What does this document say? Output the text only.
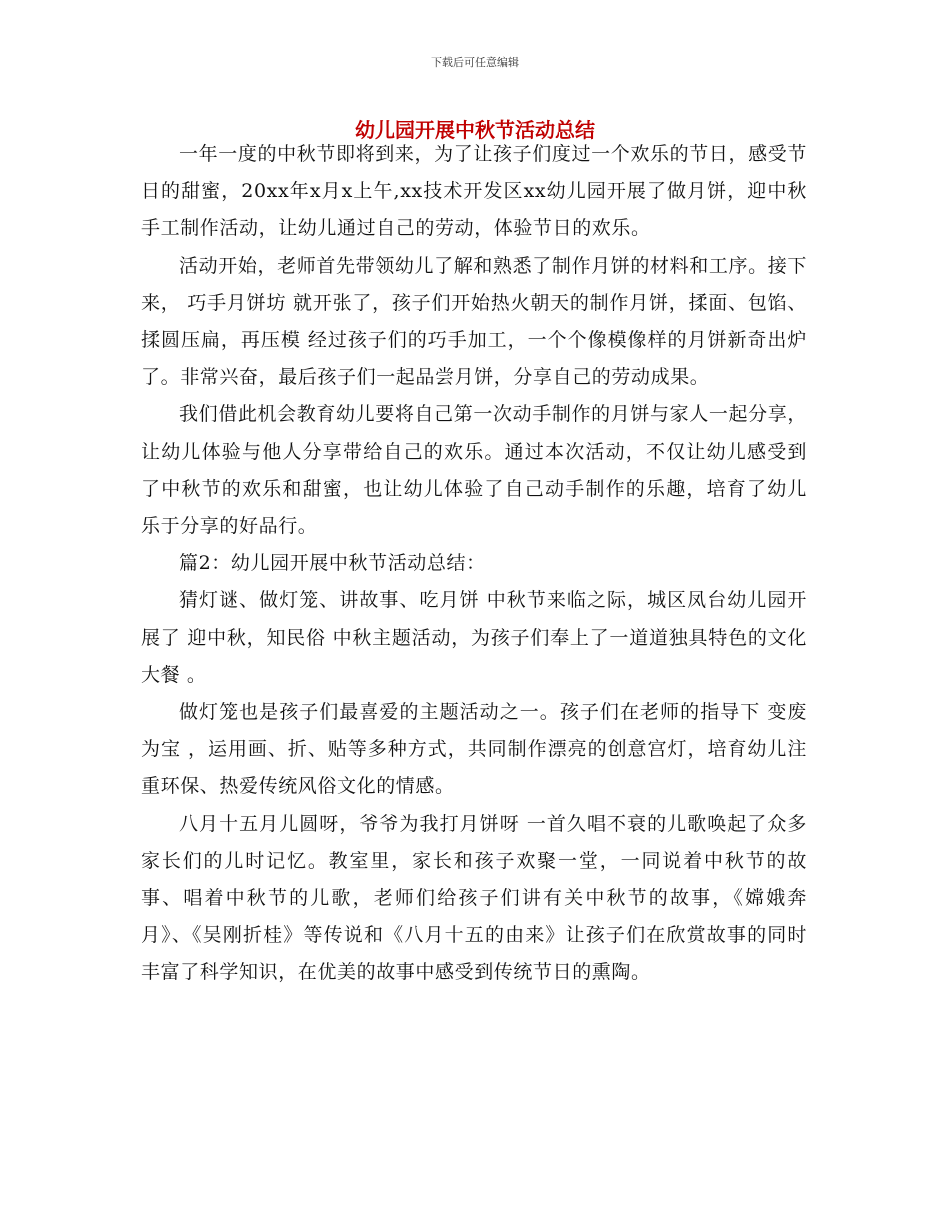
下载后可任意编辑
幼儿园开展中秋节活动总结

一年一度的中秋节即将到来，为了让孩子们度过一个欢乐的节日，感受节日的甜蜜，20xx年x月x上午,xx技术开发区xx幼儿园开展了做月饼，迎中秋 手工制作活动，让幼儿通过自己的劳动，体验节日的欢乐。

活动开始，老师首先带领幼儿了解和熟悉了制作月饼的材料和工序。接下来， 巧手月饼坊 就开张了，孩子们开始热火朝天的制作月饼，揉面、包馅、揉圆压扁，再压模 经过孩子们的巧手加工，一个个像模像样的月饼新奇出炉了。非常兴奋，最后孩子们一起品尝月饼，分享自己的劳动成果。

我们借此机会教育幼儿要将自己第一次动手制作的月饼与家人一起分享，让幼儿体验与他人分享带给自己的欢乐。通过本次活动，不仅让幼儿感受到了中秋节的欢乐和甜蜜，也让幼儿体验了自己动手制作的乐趣，培育了幼儿乐于分享的好品行。

篇2：幼儿园开展中秋节活动总结：

猜灯谜、做灯笼、讲故事、吃月饼 中秋节来临之际，城区凤台幼儿园开展了 迎中秋，知民俗 中秋主题活动，为孩子们奉上了一道道独具特色的文化 大餐 。

做灯笼也是孩子们最喜爱的主题活动之一。孩子们在老师的指导下 变废为宝 ，运用画、折、贴等多种方式，共同制作漂亮的创意宫灯，培育幼儿注重环保、热爱传统风俗文化的情感。

八月十五月儿圆呀，爷爷为我打月饼呀 一首久唱不衰的儿歌唤起了众多家长们的儿时记忆。教室里，家长和孩子欢聚一堂，一同说着中秋节的故事、唱着中秋节的儿歌，老师们给孩子们讲有关中秋节的故事，《嫦娥奔月》、《吴刚折桂》等传说和《八月十五的由来》让孩子们在欣赏故事的同时丰富了科学知识，在优美的故事中感受到传统节日的熏陶。
